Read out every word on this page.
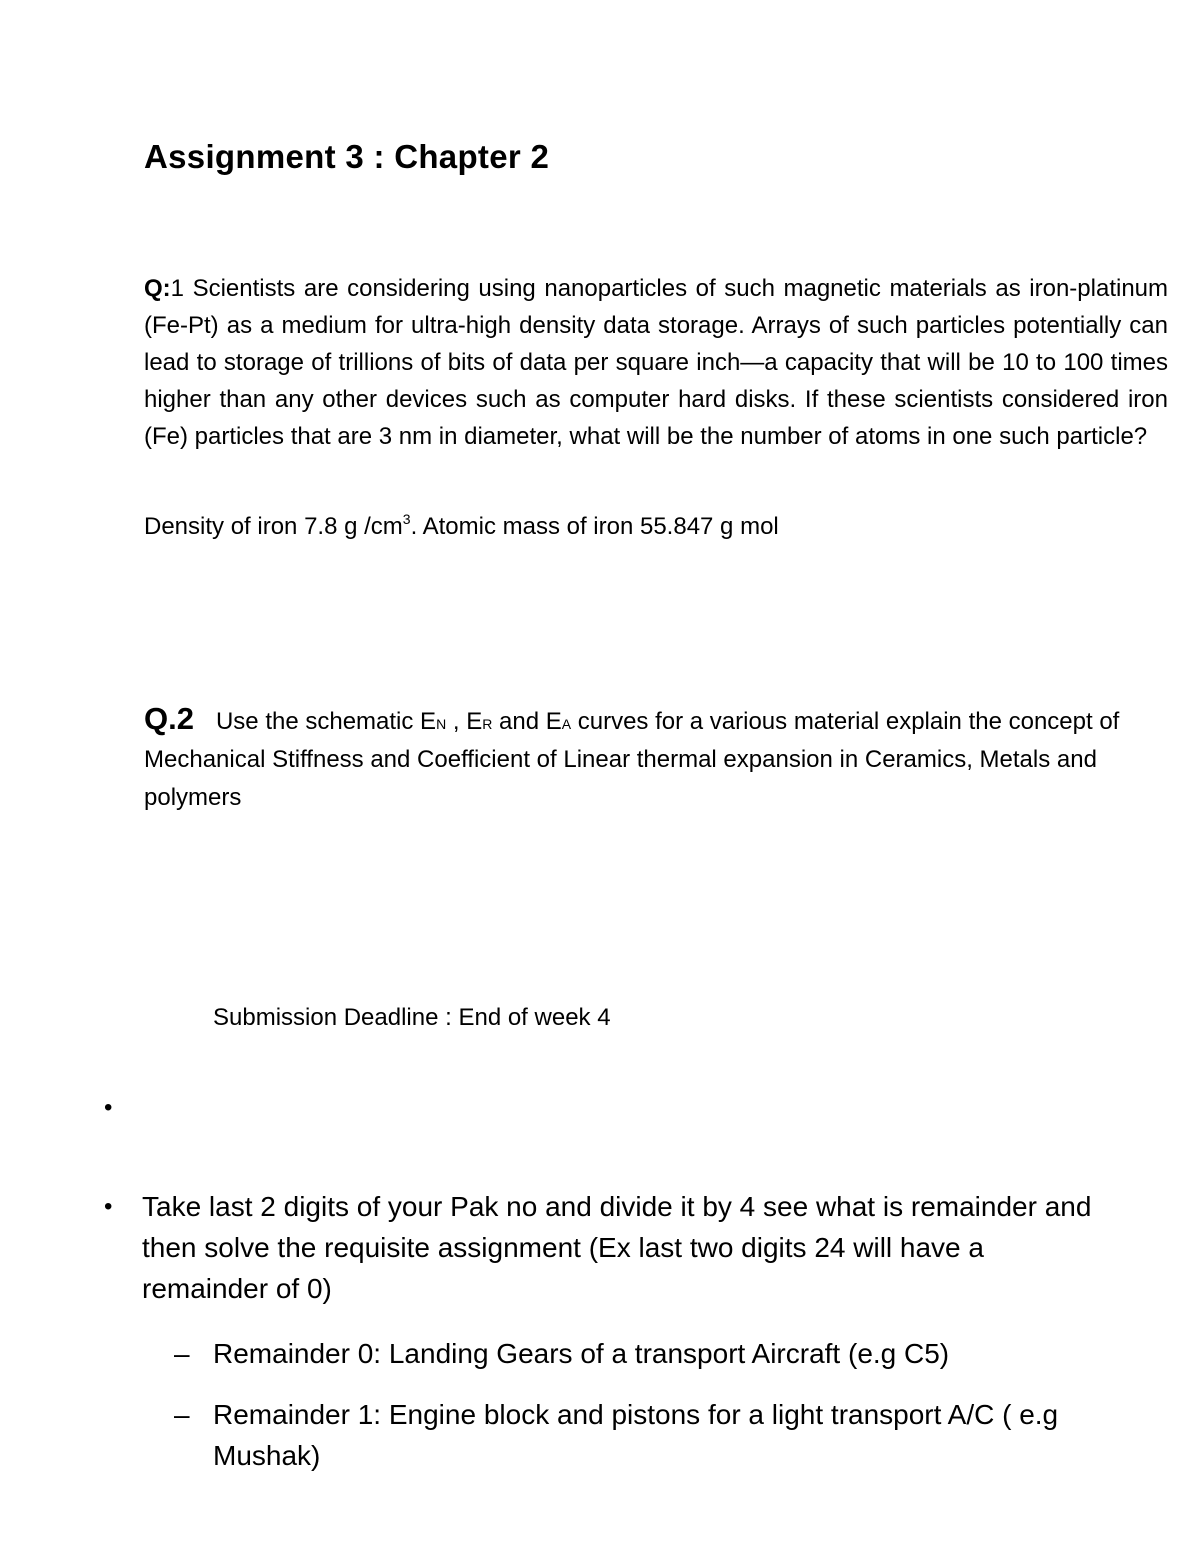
Assignment 3 : Chapter 2
Q:1 Scientists are considering using nanoparticles of such magnetic materials as iron-platinum (Fe-Pt) as a medium for ultra-high density data storage. Arrays of such particles potentially can lead to storage of trillions of bits of data per square inch—a capacity that will be 10 to 100 times higher than any other devices such as computer hard disks. If these scientists considered iron (Fe) particles that are 3 nm in diameter, what will be the number of atoms in one such particle?
Density of iron 7.8 g $/cm^3$. Atomic mass of iron 55.847 g mol
Q.2 Use the schematic EN , ER and EA curves for a various material explain the concept of Mechanical Stiffness and Coefficient of Linear thermal expansion in Ceramics, Metals and polymers
Submission Deadline : End of week 4
•
• Take last 2 digits of your Pak no and divide it by 4 see what is remainder and then solve the requisite assignment (Ex last two digits 24 will have a remainder of 0)
– Remainder 0: Landing Gears of a transport Aircraft (e.g C5)
– Remainder 1: Engine block and pistons for a light transport A/C ( e.g Mushak)
